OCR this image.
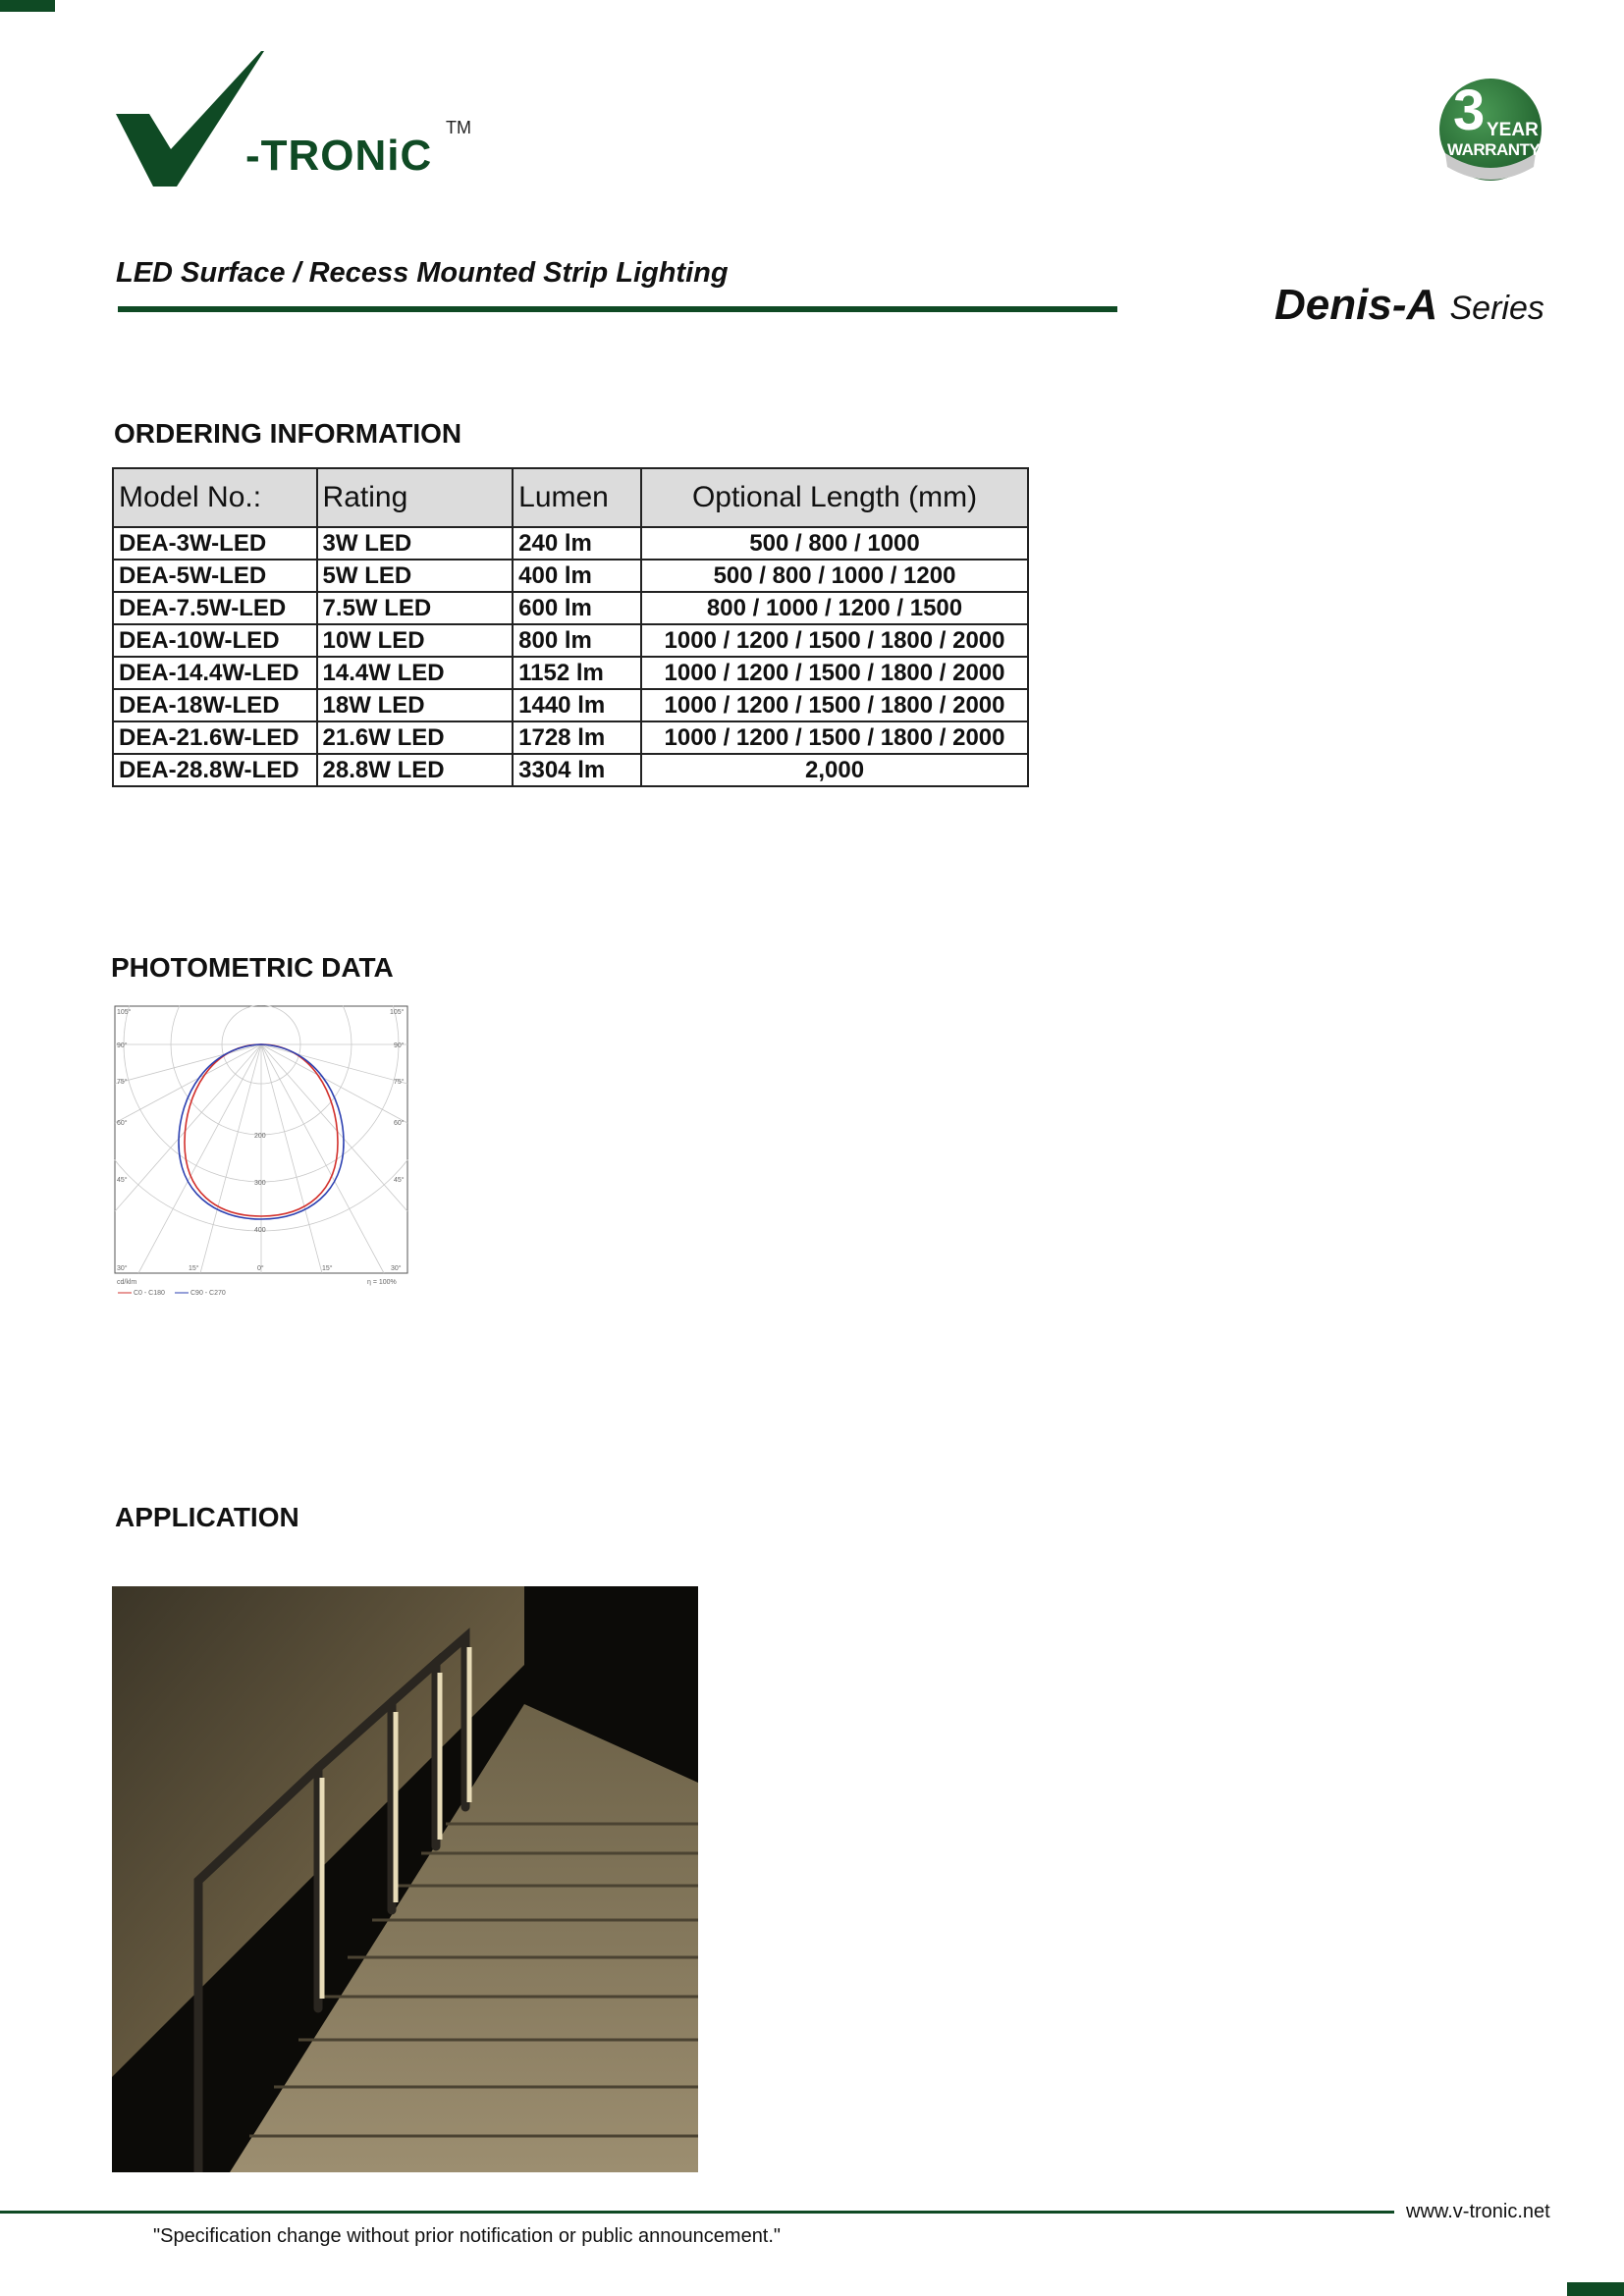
-TRONiC
TM	3 YEAR
WARRANTY
LED Surface / Recess Mounted Strip Lighting
Denis-A Series
ORDERING INFORMATION
Model No.:	Rating	Lumen	Optional Length (mm)
DEA-3W-LED	3W LED	240 lm	500 / 800 / 1000
DEA-5W-LED	5W LED	400 lm	500 / 800 / 1000 / 1200
DEA-7.5W-LED	7.5W LED	600 lm	800 / 1000 / 1200 / 1500
DEA-10W-LED	10W LED	800 lm	1000 / 1200 / 1500 / 1800 / 2000
DEA-14.4W-LED	14.4W LED	1152 lm	1000 / 1200 / 1500 / 1800 / 2000
DEA-18W-LED	18W LED	1440 lm	1000 / 1200 / 1500 / 1800 / 2000
DEA-21.6W-LED	21.6W LED	1728 lm	1000 / 1200 / 1500 / 1800 / 2000
DEA-28.8W-LED	28.8W LED	3304 lm	2,000
PHOTOMETRIC DATA
105°
90°
75°
60°
45°
30°
105°
90°
75°
60°
45°
30°
15°	0°	15°
200
300
400
cd/klm	η = 100%
C0 - C180	C90 - C270
APPLICATION
www.v-tronic.net
"Specification change without prior notification or public announcement."
